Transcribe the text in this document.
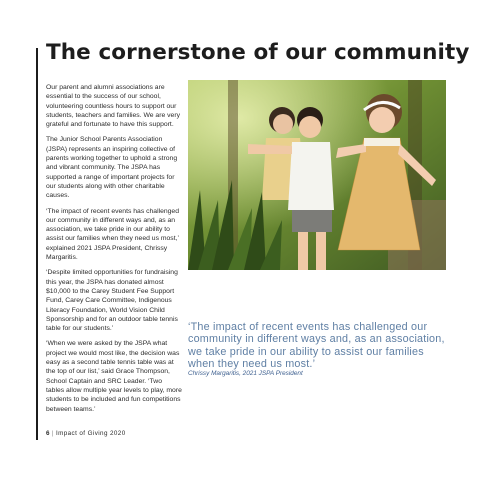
The cornerstone of our community

Our parent and alumni associations are essential to the success of our school, volunteering countless hours to support our students, teachers and families. We are very grateful and fortunate to have this support.

The Junior School Parents Association (JSPA) represents an inspiring collective of parents working together to uphold a strong and vibrant community. The JSPA has supported a range of important projects for our students along with other charitable causes.

‘The impact of recent events has challenged our community in different ways and, as an association, we take pride in our ability to assist our families when they need us most,’ explained 2021 JSPA President, Chrissy Margaritis.

‘Despite limited opportunities for fundraising this year, the JSPA has donated almost $10,000 to the Carey Student Fee Support Fund, Carey Care Committee, Indigenous Literacy Foundation, World Vision Child Sponsorship and for an outdoor table tennis table for our students.’

‘When we were asked by the JSPA what project we would most like, the decision was easy as a second table tennis table was at the top of our list,’ said Grace Thompson, School Captain and SRC Leader. ‘Two tables allow multiple year levels to play, more students to be included and fun competitions between teams.’

‘The impact of recent events has challenged our community in different ways and, as an association, we take pride in our ability to assist our families when they need us most.’

Chrissy Margaritis, 2021 JSPA President

6 | Impact of Giving 2020
